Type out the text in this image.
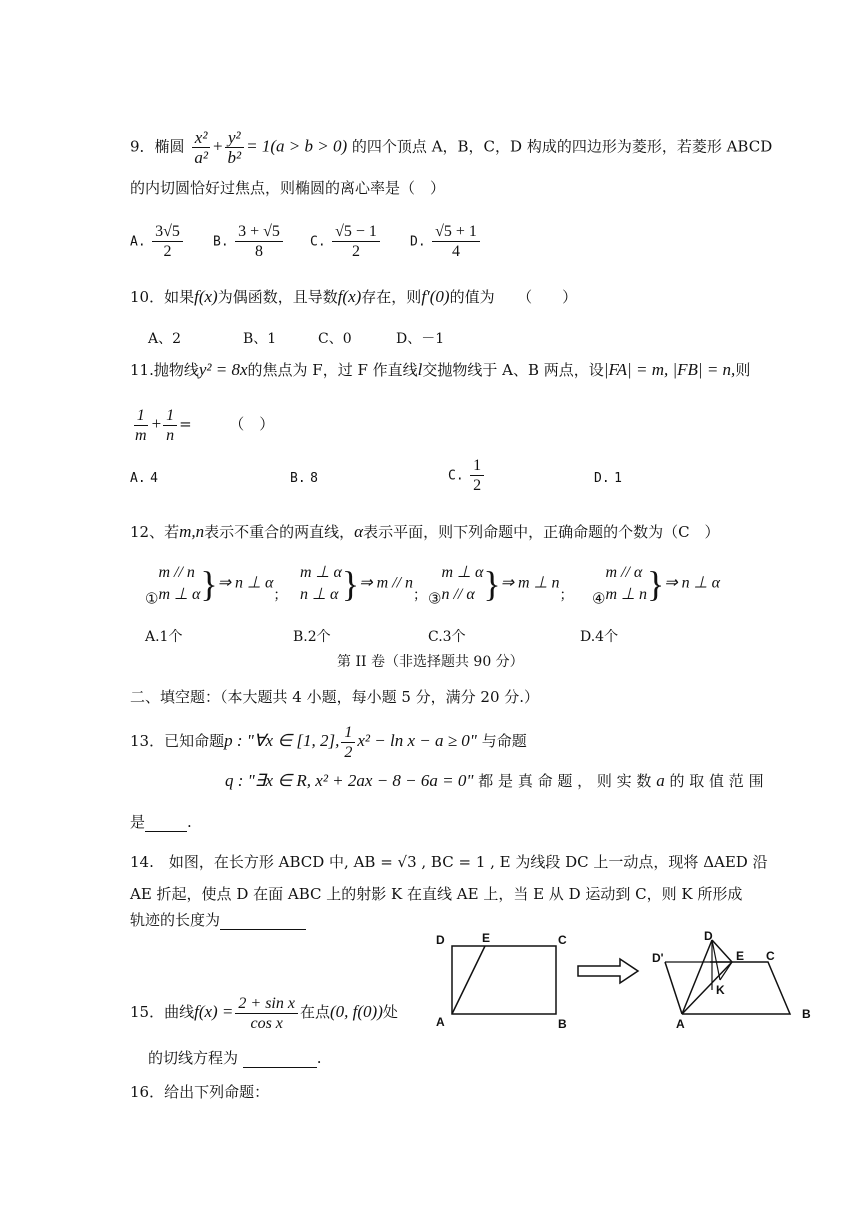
9．椭圆 $\frac{\text{x²}}{\text{a²}} + \frac{\text{y²}}{\text{b²}} = 1(a > b > 0)$ 的四个顶点 A，B，C，D 构成的四边形为菱形，若菱形 ABCD
的内切圆恰好过焦点，则椭圆的离心率是（　）
A. $\frac{3√5}{2} B$. $\frac{3 + √5}{8} C$. $\frac{√5 - 1}{2} D$. $\frac{√5 + 1}{4}$
10．如果f(x)为偶函数，且导数f(x)存在，则f′(0)的值为　　（　　）
A、2	B、1	C、0	D、－1
11.抛物线y² = 8x的焦点为 F，过 F 作直线l交抛物线于 A、B 两点，设|FA| = m, |FB| = n,则
$\frac{1}{m} + \frac{1}{n}$ =　　　（　）
A. 4	B. 8	C. $\frac{1}{2}$	D. 1
12、若m,n表示不重合的两直线，α表示平面，则下列命题中，正确命题的个数为（C　）
①m // n
m ⊥ α}⇒ n ⊥ α；
m ⊥ α
n ⊥ α}⇒ m // n； ③m ⊥ α
n // α }⇒ m ⊥ n； ④m // α
m ⊥ n}⇒ n ⊥ α
A.1个	B.2个	C.3个	D.4个
第 II 卷（非选择题共 90 分）
二、填空题：（本大题共 4 小题，每小题 5 分，满分 20 分.）
13．已知命题p : "∀x ∈ [1, 2], $\frac{1}{2} x^2 - \ln x - a \ge 0$" 与命题
q : "∃x ∈ R, x² + 2ax − 8 − 6a = 0" 都 是 真 命 题 ， 则 实 数 a 的 取 值 范 围
是	.
14.　如图，在长方形 ABCD 中, AB = √3 , BC = 1 , E 为线段 DC 上一动点，现将 ΔAED 沿
AE 折起，使点 D 在面 ABC 上的射影 K 在直线 AE 上，当 E 从 D 运动到 C，则 K 所形成
轨迹的长度为
D	E	C
A	B
D
D'	E C
K
A
B
15．曲线$f(x) = \frac{\text{2 + sin x}}{\text{cos x}}$ 在点(0, f(0))处
的切线方程为	.
16．给出下列命题：
